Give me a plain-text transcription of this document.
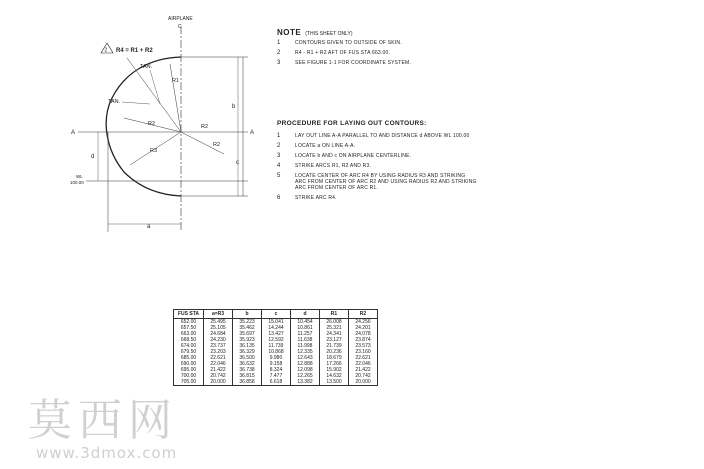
AIRPLANE
C
2 R4 = R1 + R2
TAN.
TAN.
R1
R2
R3
R2
R2
b
c
d
a
A	A
WL
100.00
NOTE (THIS SHEET ONLY)
1	CONTOURS GIVEN TO OUTSIDE OF SKIN.
2	R4 - R1 + R2 AFT OF FUS STA 663.00.
3	SEE FIGURE 1-1 FOR COORDINATE SYSTEM.
PROCEDURE FOR LAYING OUT CONTOURS:
1	LAY OUT LINE A-A PARALLEL TO AND DISTANCE d ABOVE WL 100.00
2	LOCATE a ON LINE A-A.
3	LOCATE b AND c ON AIRPLANE CENTERLINE.
4	STRIKE ARCS R1, R2 AND R3.
5	LOCATE CENTER OF ARC R4 BY USING RADIUS R3 AND STRIKING ARC FROM CENTER OF ARC R2 AND USING RADIUS R2 AND STRIKING ARC FROM CENTER OF ARC R1.
6	STRIKE ARC R4.
FUS STA	a=R3	b	c	d	R1	R2
652.00	25.495	35.223	15.041	10.454	26.008	24.256
657.50	25.105	35.462	14.244	10.861	25.321	24.201
663.00	24.684	35.697	13.427	11.257	24.341	24.078
668.50	24.230	35.923	12.592	11.638	23.127	23.874
674.00	23.737	36.135	11.739	11.998	21.739	23.573
679.50	23.203	36.329	10.868	12.335	20.236	23.160
685.00	22.621	36.500	9.980	12.643	18.679	22.621
690.00	22.046	36.632	9.158	12.888	17.266	22.046
695.00	21.422	36.738	8.324	12.098	15.902	21.422
700.00	20.742	36.815	7.477	12.265	14.632	20.742
705.00	20.000	36.858	6.618	13.382	13.500	20.000
莫西网
www.3dmox.com
